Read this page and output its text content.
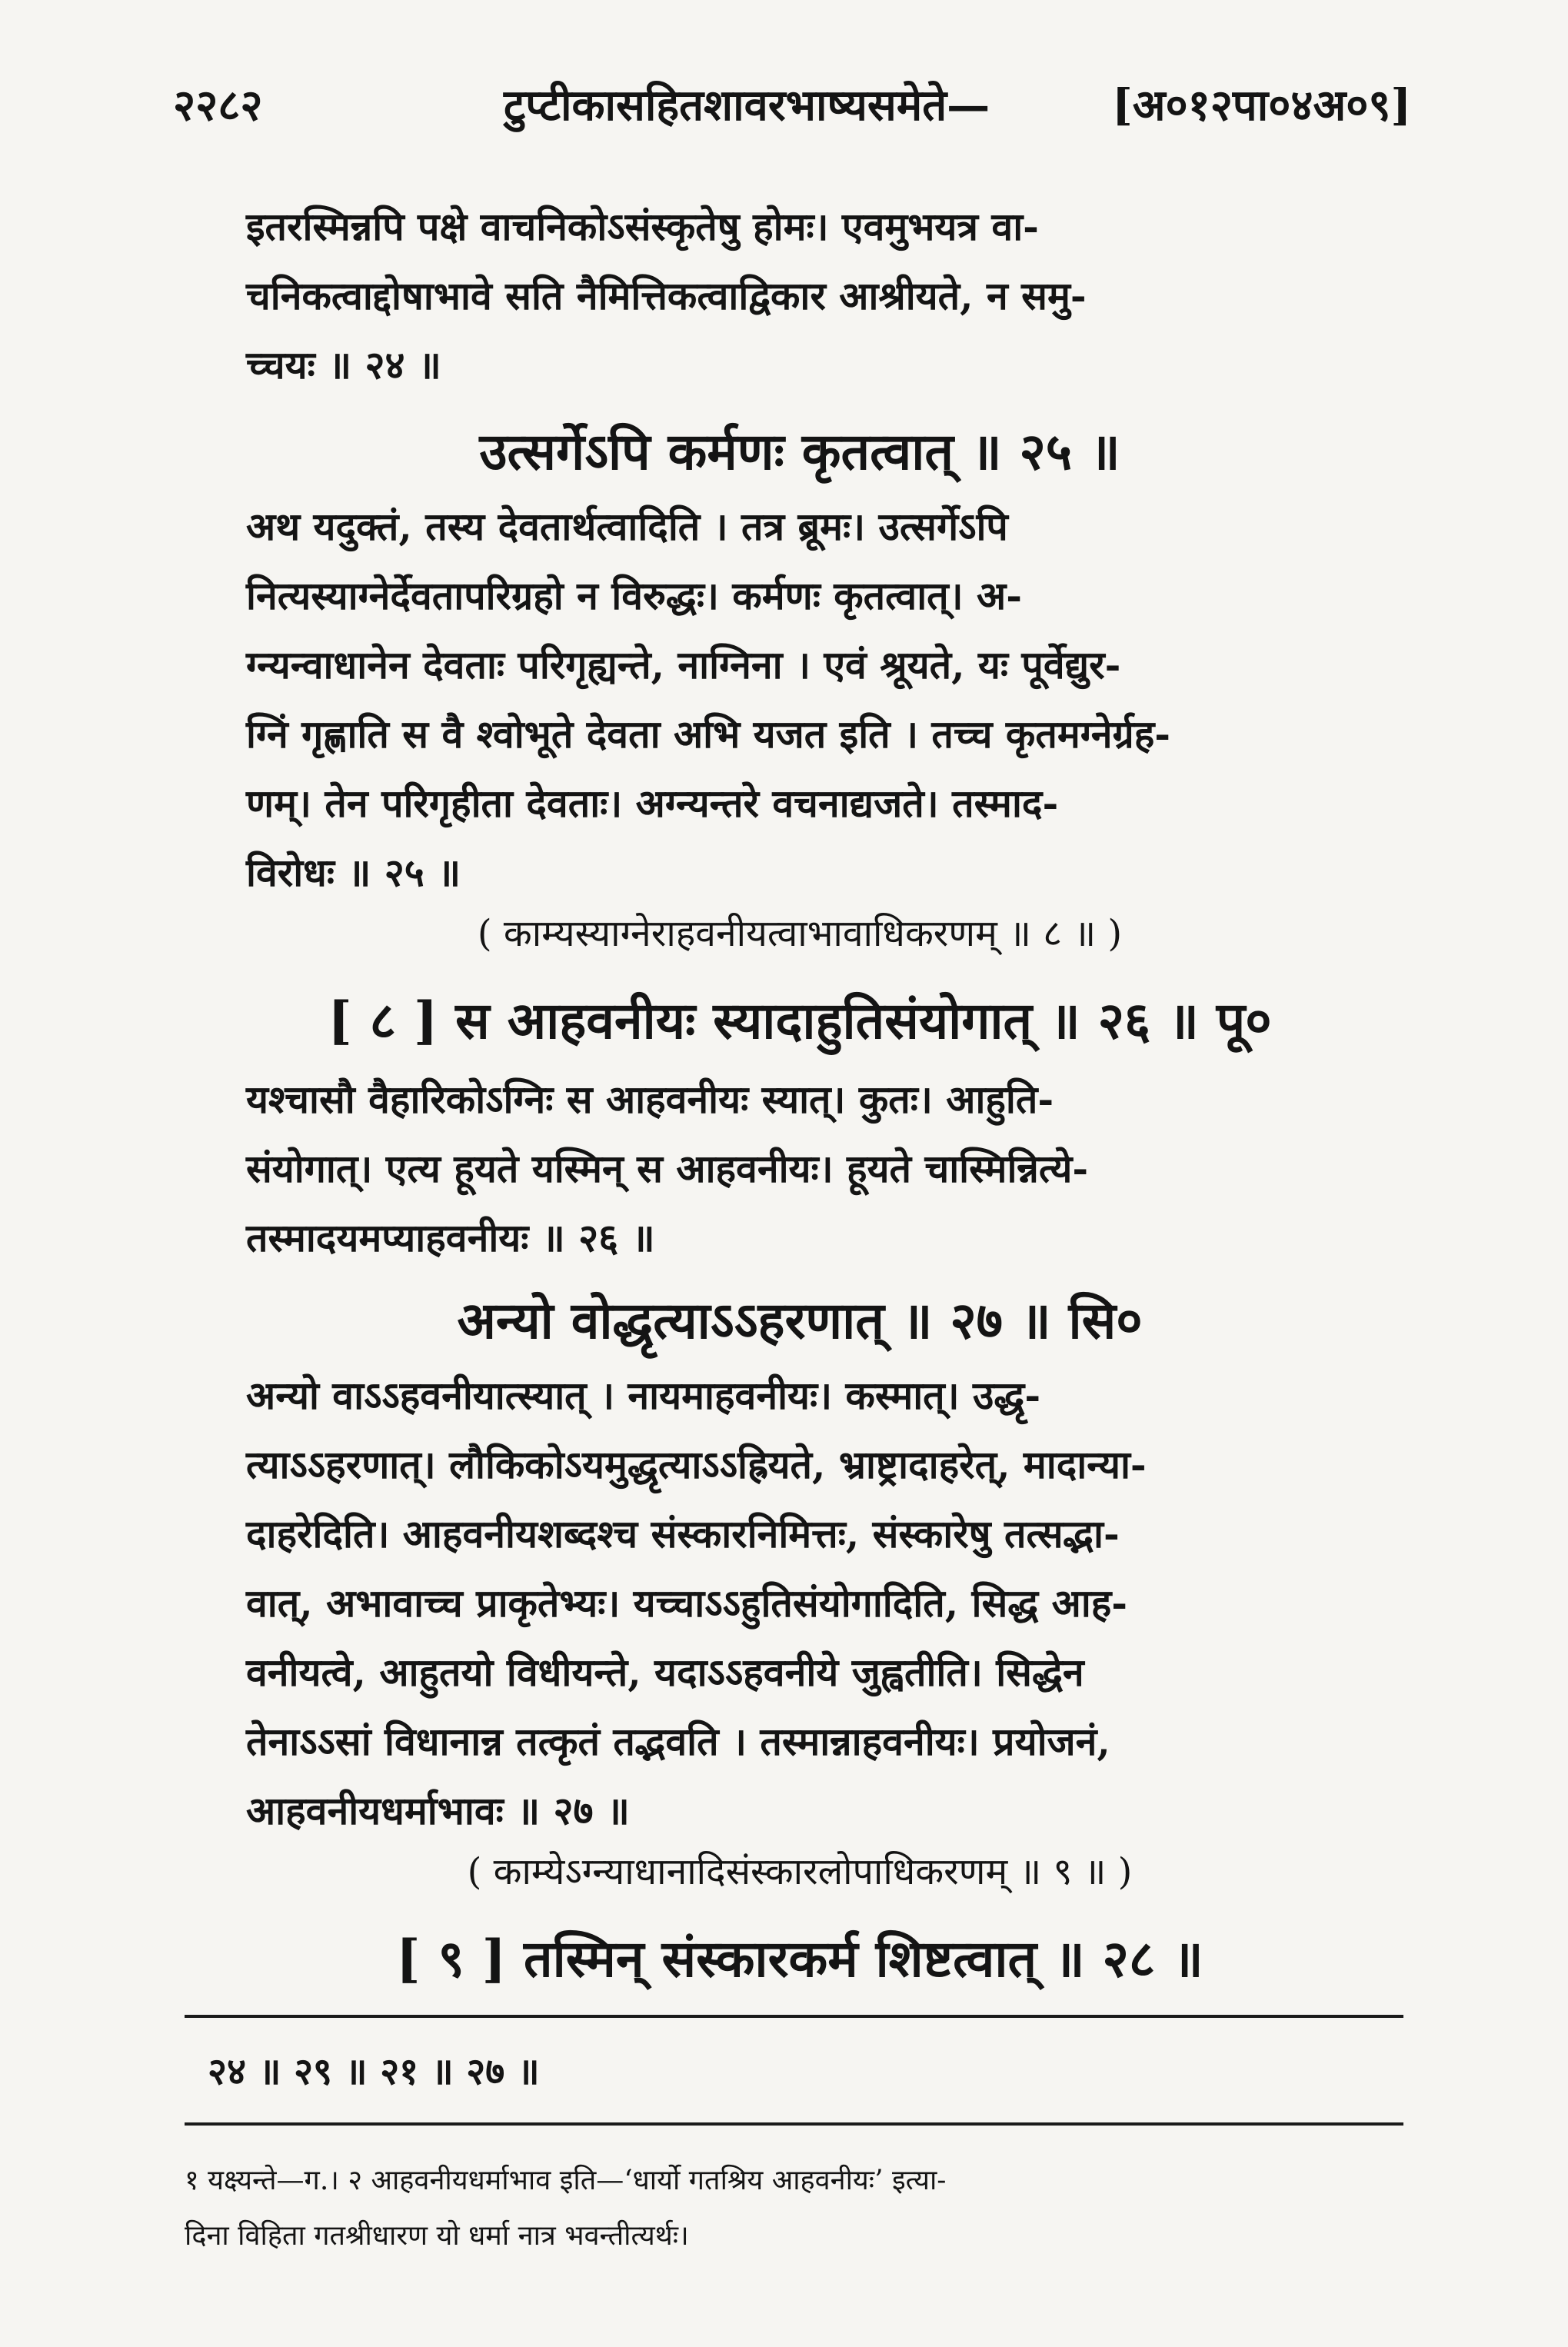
२२८२	टुप्टीकासहितशावरभाष्यसमेते—	[अ०१२पा०४अ०९]
इतरस्मिन्नपि पक्षे वाचनिकोऽसंस्कृतेषु होमः। एवमुभयत्र वा-
चनिकत्वाद्दोषाभावे सति नैमित्तिकत्वाद्विकार आश्रीयते, न समु-
च्चयः ॥ २४ ॥
उत्सर्गेऽपि कर्मणः कृतत्वात् ॥ २५ ॥
अथ यदुक्तं, तस्य देवतार्थत्वादिति । तत्र ब्रूमः। उत्सर्गेऽपि
नित्यस्याग्नेर्देवतापरिग्रहो न विरुद्धः। कर्मणः कृतत्वात्। अ-
ग्न्यन्वाधानेन देवताः परिगृह्यन्ते, नाग्निना । एवं श्रूयते, यः पूर्वेद्युर-
ग्निं गृह्णाति स वै श्वोभूते देवता अभि यजत इति । तच्च कृतमग्नेर्ग्रह-
णम्। तेन परिगृहीता देवताः। अग्न्यन्तरे वचनाद्यजते। तस्माद-
विरोधः ॥ २५ ॥
( काम्यस्याग्नेराहवनीयत्वाभावाधिकरणम् ॥ ८ ॥ )
[ ८ ] स आहवनीयः स्यादाहुतिसंयोगात् ॥ २६ ॥ पू०
यश्चासौ वैहारिकोऽग्निः स आहवनीयः स्यात्। कुतः। आहुति-
संयोगात्। एत्य हूयते यस्मिन् स आहवनीयः। हूयते चास्मिन्नित्ये-
तस्मादयमप्याहवनीयः ॥ २६ ॥
अन्यो वोद्धृत्याऽऽहरणात् ॥ २७ ॥ सि०
अन्यो वाऽऽहवनीयात्स्यात् । नायमाहवनीयः। कस्मात्। उद्धृ-
त्याऽऽहरणात्। लौकिकोऽयमुद्धृत्याऽऽह्रियते, भ्राष्ट्रादाहरेत्, मादान्या-
दाहरेदिति। आहवनीयशब्दश्च संस्कारनिमित्तः, संस्कारेषु तत्सद्भा-
वात्, अभावाच्च प्राकृतेभ्यः। यच्चाऽऽहुतिसंयोगादिति, सिद्ध आह-
वनीयत्वे, आहुतयो विधीयन्ते, यदाऽऽहवनीये जुह्वतीति। सिद्धेन
तेनाऽऽसां विधानान्न तत्कृतं तद्भवति । तस्मान्नाहवनीयः। प्रयोजनं,
आहवनीयधर्माभावः ॥ २७ ॥
( काम्येऽग्न्याधानादिसंस्कारलोपाधिकरणम् ॥ ९ ॥ )
[ ९ ] तस्मिन् संस्कारकर्म शिष्टत्वात् ॥ २८ ॥
२४ ॥ २९ ॥ २१ ॥ २७ ॥
१ यक्ष्यन्ते—ग.। २ आहवनीयधर्माभाव इति—‘धार्यो गतश्रिय आहवनीयः’ इत्या-
दिना विहिता गतश्रीधारण यो धर्मा नात्र भवन्तीत्यर्थः।
